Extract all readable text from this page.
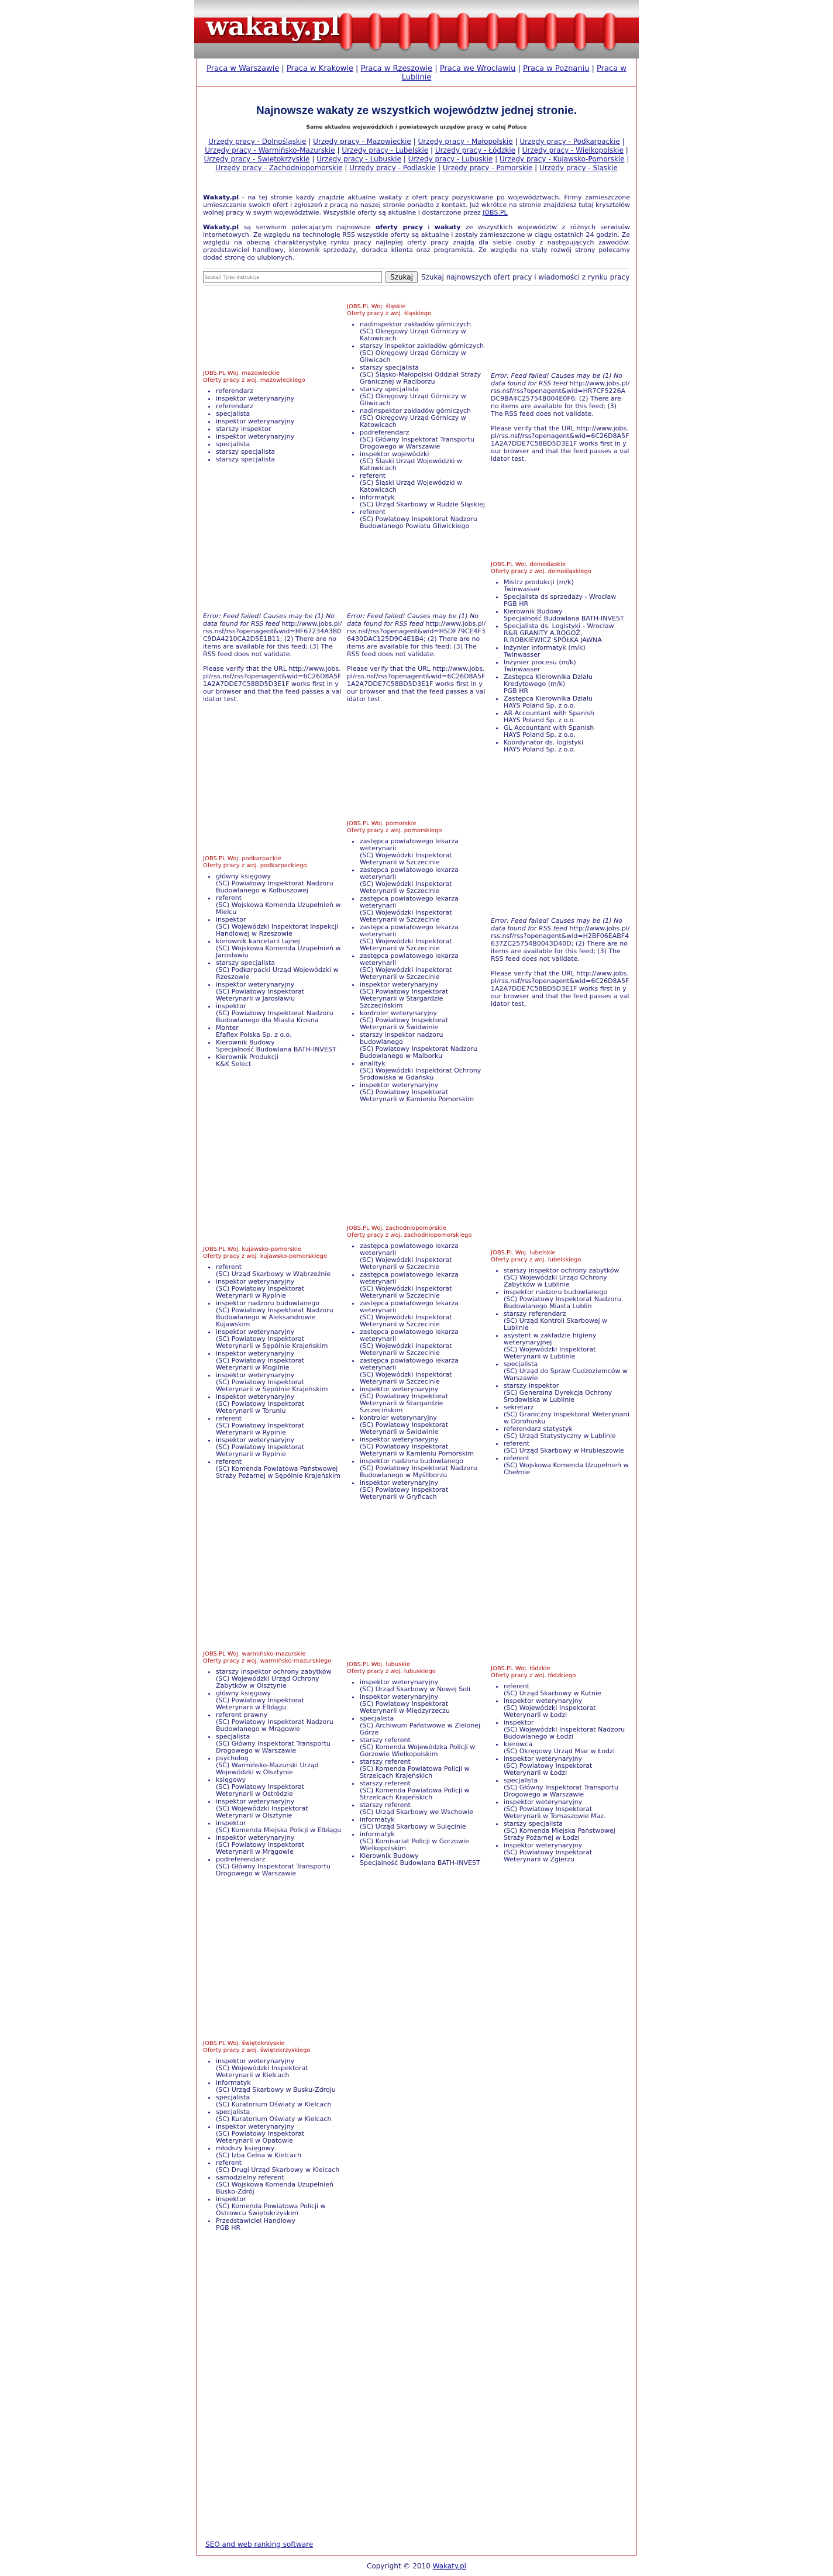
wakaty.pl
Praca w Warszawie | Praca w Krakowie | Praca w Rzeszowie | Praca we Wrocławiu | Praca w Poznaniu | Praca w Lublinie
Najnowsze wakaty ze wszystkich województw jednej stronie.
Same aktualne wojewódzkich i powiatowych urzędów pracy w całej Polsce
Urzędy pracy - Dolnośląskie | Urzędy pracy - Mazowieckie | Urzędy pracy - Małopolskie | Urzędy pracy - Podkarpackie | Urzędy pracy - Warmińsko-Mazurskie | Urzędy pracy - Lubelskie | Urzędy pracy - Łódzkie | Urzędy pracy - Wielkopolskie | Urzędy pracy - Świętokrzyskie | Urzędy pracy - Lubuskie | Urzędy pracy - Lubuskie | Urzędy pracy - Kujawsko-Pomorskie | Urzędy pracy - Zachodniopomorskie | Urzędy pracy - Podlaskie | Urzędy pracy - Pomorskie | Urzędy pracy - Śląskie

Wakaty.pl - na tej stronie każdy znajdzie aktualne wakaty z ofert pracy pozyskiwane po województwach. Firmy zamieszczone umieszczanie swoich ofert i zgłoszeń z pracą na naszej stronie ponadto z kontakt. Już wkrótce na stronie znajdziesz tutaj kryształów wolnej pracy w swym województwie. Wszystkie oferty są aktualne i dostarczone przez JOBS.PL

Wakaty.pl są serwisem polecającym najnowsze oferty pracy i wakaty ze wszystkich województw z różnych serwisów internetowych. Ze względu na technologię RSS wszystkie oferty są aktualne i zostały zamieszczone w ciągu ostatnich 24 godzin. Ze względu na obecną charakterystykę rynku pracy najlepiej oferty pracy znajdą dla siebie osoby z następujących zawodów: przedstawiciel handlowy, kierownik sprzedaży, doradca klienta oraz programista. Ze względu na stały rozwój strony polecamy dodać stronę do ulubionych.

Szukaj! Tylko instrukcje
Szukaj	Szukaj najnowszych ofert pracy i wiadomości z rynku pracy
JOBS.PL Woj. mazowieckie
Oferty pracy z woj. mazowieckiego
• referendarz
• inspektor weterynaryjny
• referendarz
• specjalista
• inspektor weterynaryjny
• starszy inspektor
• inspektor weterynaryjny
• specjalista
• starszy specjalista
• starszy specjalista
JOBS.PL Woj. śląskie
Oferty pracy z woj. śląskiego
• nadinspektor zakładów górniczych
(SC) Okręgowy Urząd Górniczy w Katowicach
• starszy inspektor zakładów górniczych
(SC) Okręgowy Urząd Górniczy w Gliwicach
• starszy specjalista
(SC) Śląsko-Małopolski Oddział Straży Granicznej w Raciborzu
• starszy specjalista
(SC) Okręgowy Urząd Górniczy w Gliwicach
• nadinspektor zakładów górniczych
(SC) Okręgowy Urząd Górniczy w Katowicach
• podreferendarz
(SC) Główny Inspektorat Transportu Drogowego w Warszawie
• inspektor wojewódzki
(SC) Śląski Urząd Wojewódzki w Katowicach
• referent
(SC) Śląski Urząd Wojewódzki w Katowicach
• informatyk
(SC) Urząd Skarbowy w Rudzie Śląskiej
• referent
(SC) Powiatowy Inspektorat Nadzoru Budowlanego Powiatu Gliwickiego
Error: Feed failed! Causes may be (1) No data found for RSS feed http://www.jobs.pl/rss.nsf/rss?openagent&wid=HR7CF5226ADC9BA4C25754B004E0F6; (2) There are no items are available for this feed; (3) The RSS feed does not validate.
Please verify that the URL http://www.jobs.pl/rss.nsf/rss?openagent&wid=6C26D8A5F1A2A7DDE7C58BD5D3E1F works first in your browser and that the feed passes a validator test.
Error: Feed failed! Causes may be (1) No data found for RSS feed http://www.jobs.pl/rss.nsf/rss?openagent&wid=HF67234A3B0C9DA4210CA2D5E1B11; (2) There are no items are available for this feed; (3) The RSS feed does not validate.
Please verify that the URL http://www.jobs.pl/rss.nsf/rss?openagent&wid=6C26D8A5F1A2A7DDE7C58BD5D3E1F works first in your browser and that the feed passes a validator test.
Error: Feed failed! Causes may be (1) No data found for RSS feed http://www.jobs.pl/rss.nsf/rss?openagent&wid=HSDF79CE4F36430DAC125D9C4E1B4; (2) There are no items are available for this feed; (3) The RSS feed does not validate.
Please verify that the URL http://www.jobs.pl/rss.nsf/rss?openagent&wid=6C26D8A5F1A2A7DDE7C58BD5D3E1F works first in your browser and that the feed passes a validator test.
JOBS.PL Woj. dolnośląskie
Oferty pracy z woj. dolnośląskiego
• Mistrz produkcji (m/k)
Twinwasser
• Specjalista ds sprzedaży - Wrocław
PGB HR
• Kierownik Budowy
Specjalność Budowlana BATH-INVEST
• Specjalista ds. Logistyki - Wrocław
R&R GRANITY A.ROGOŻ, R.ROBKIEWICZ SPÓŁKA JAWNA
• Inżynier informatyk (m/k)
Twinwasser
• Inżynier procesu (m/k)
Twinwasser
• Zastępca Kierownika Działu Kredytowego (m/k)
PGB HR
• Zastępca Kierownika Działu
HAYS Poland Sp. z o.o.
• AR Accountant with Spanish
HAYS Poland Sp. z o.o.
• GL Accountant with Spanish
HAYS Poland Sp. z o.o.
• Koordynator ds. logistyki
HAYS Poland Sp. z o.o.
JOBS.PL Woj. podkarpackie
Oferty pracy z woj. podkarpackiego
• główny księgowy
(SC) Powiatowy Inspektorat Nadzoru Budowlanego w Kolbuszowej
• referent
(SC) Wojskowa Komenda Uzupełnień w Mielcu
• inspektor
(SC) Wojewódzki Inspektorat Inspekcji Handlowej w Rzeszowie
• kierownik kancelarii tajnej
(SC) Wojskowa Komenda Uzupełnień w Jarosławiu
• starszy specjalista
(SC) Podkarpacki Urząd Wojewódzki w Rzeszowie
• inspektor weterynaryjny
(SC) Powiatowy Inspektorat Weterynarii w Jarosławiu
• inspektor
(SC) Powiatowy Inspektorat Nadzoru Budowlanego dla Miasta Krosna
• Monter
Efaflex Polska Sp. z o.o.
• Kierownik Budowy
Specjalność Budowlana BATH-INVEST
• Kierownik Produkcji
K&K Select
JOBS.PL Woj. pomorskie
Oferty pracy z woj. pomorskiego
• zastępca powiatowego lekarza weterynarii
(SC) Wojewódzki Inspektorat Weterynarii w Szczecinie
• zastępca powiatowego lekarza weterynarii
(SC) Wojewódzki Inspektorat Weterynarii w Szczecinie
• zastępca powiatowego lekarza weterynarii
(SC) Wojewódzki Inspektorat Weterynarii w Szczecinie
• zastępca powiatowego lekarza weterynarii
(SC) Wojewódzki Inspektorat Weterynarii w Szczecinie
• zastępca powiatowego lekarza weterynarii
(SC) Wojewódzki Inspektorat Weterynarii w Szczecinie
• inspektor weterynaryjny
(SC) Powiatowy Inspektorat Weterynarii w Stargardzie Szczecińskim
• kontroler weterynaryjny
(SC) Powiatowy Inspektorat Weterynarii w Świdwinie
• starszy inspektor nadzoru budowlanego
(SC) Powiatowy Inspektorat Nadzoru Budowlanego w Malborku
• analityk
(SC) Wojewódzki Inspektorat Ochrony Środowiska w Gdańsku
• inspektor weterynaryjny
(SC) Powiatowy Inspektorat Weterynarii w Kamieniu Pomorskim
Error: Feed failed! Causes may be (1) No data found for RSS feed http://www.jobs.pl/rss.nsf/rss?openagent&wid=H2BF06EABF4637ZC25754B0043D40D; (2) There are no items are available for this feed; (3) The RSS feed does not validate.
Please verify that the URL http://www.jobs.pl/rss.nsf/rss?openagent&wid=6C26D8A5F1A2A7DDE7C58BD5D3E1F works first in your browser and that the feed passes a validator test.
JOBS.PL Woj. kujawsko-pomorskie
Oferty pracy z woj. kujawsko-pomorskiego
• referent
(SC) Urząd Skarbowy w Wąbrzeźnie
• inspektor weterynaryjny
(SC) Powiatowy Inspektorat Weterynarii w Rypinie
• inspektor nadzoru budowlanego
(SC) Powiatowy Inspektorat Nadzoru Budowlanego w Aleksandrowie Kujawskim
• inspektor weterynaryjny
(SC) Powiatowy Inspektorat Weterynarii w Sępólnie Krajeńskim
• inspektor weterynaryjny
(SC) Powiatowy Inspektorat Weterynarii w Mogilnie
• inspektor weterynaryjny
(SC) Powiatowy Inspektorat Weterynarii w Sępólnie Krajeńskim
• inspektor weterynaryjny
(SC) Powiatowy Inspektorat Weterynarii w Toruniu
• referent
(SC) Powiatowy Inspektorat Weterynarii w Rypinie
• inspektor weterynaryjny
(SC) Powiatowy Inspektorat Weterynarii w Rypinie
• referent
(SC) Komenda Powiatowa Państwowej Straży Pożarnej w Sępólnie Krajeńskim
JOBS.PL Woj. zachodniopomorskie
Oferty pracy z woj. zachodniopomorskiego
• zastępca powiatowego lekarza weterynarii
(SC) Wojewódzki Inspektorat Weterynarii w Szczecinie
• zastępca powiatowego lekarza weterynarii
(SC) Wojewódzki Inspektorat Weterynarii w Szczecinie
• zastępca powiatowego lekarza weterynarii
(SC) Wojewódzki Inspektorat Weterynarii w Szczecinie
• zastępca powiatowego lekarza weterynarii
(SC) Wojewódzki Inspektorat Weterynarii w Szczecinie
• zastępca powiatowego lekarza weterynarii
(SC) Wojewódzki Inspektorat Weterynarii w Szczecinie
• inspektor weterynaryjny
(SC) Powiatowy Inspektorat Weterynarii w Stargardzie Szczecińskim
• kontroler weterynaryjny
(SC) Powiatowy Inspektorat Weterynarii w Świdwinie
• inspektor weterynaryjny
(SC) Powiatowy Inspektorat Weterynarii w Kamieniu Pomorskim
• inspektor nadzoru budowlanego
(SC) Powiatowy Inspektorat Nadzoru Budowlanego w Myśliborzu
• inspektor weterynaryjny
(SC) Powiatowy Inspektorat Weterynarii w Gryficach
JOBS.PL Woj. lubelskie
Oferty pracy z woj. lubelskiego
• starszy inspektor ochrony zabytków
(SC) Wojewódzki Urząd Ochrony Zabytków w Lublinie
• inspektor nadzoru budowlanego
(SC) Powiatowy Inspektorat Nadzoru Budowlanego Miasta Lublin
• starszy referendarz
(SC) Urząd Kontroli Skarbowej w Lublinie
• asystent w zakładzie higieny weterynaryjnej
(SC) Wojewódzki Inspektorat Weterynarii w Lublinie
• specjalista
(SC) Urząd do Spraw Cudzoziemców w Warszawie
• starszy inspektor
(SC) Generalna Dyrekcja Ochrony Środowiska w Lublinie
• sekretarz
(SC) Graniczny Inspektorat Weterynarii w Dorohusku
• referendarz statystyk
(SC) Urząd Statystyczny w Lublinie
• referent
(SC) Urząd Skarbowy w Hrubieszowie
• referent
(SC) Wojskowa Komenda Uzupełnień w Chełmie
JOBS.PL Woj. warmińsko-mazurskie
Oferty pracy z woj. warmińsko-mazurskiego
• starszy inspektor ochrony zabytków
(SC) Wojewódzki Urząd Ochrony Zabytków w Olsztynie
• główny księgowy
(SC) Powiatowy Inspektorat Weterynarii w Elblągu
• referent prawny
(SC) Powiatowy Inspektorat Nadzoru Budowlanego w Mrągowie
• specjalista
(SC) Główny Inspektorat Transportu Drogowego w Warszawie
• psycholog
(SC) Warmińsko-Mazurski Urząd Wojewódzki w Olsztynie
• księgowy
(SC) Powiatowy Inspektorat Weterynarii w Ostródzie
• inspektor weterynaryjny
(SC) Wojewódzki Inspektorat Weterynarii w Olsztynie
• inspektor
(SC) Komenda Miejska Policji w Elblągu
• inspektor weterynaryjny
(SC) Powiatowy Inspektorat Weterynarii w Mrągowie
• podreferendarz
(SC) Główny Inspektorat Transportu Drogowego w Warszawie
JOBS.PL Woj. lubuskie
Oferty pracy z woj. lubuskiego
• inspektor weterynaryjny
(SC) Urząd Skarbowy w Nowej Soli
• inspektor weterynaryjny
(SC) Powiatowy Inspektorat Weterynarii w Międzyrzeczu
• specjalista
(SC) Archiwum Państwowe w Zielonej Górze
• starszy referent
(SC) Komenda Wojewódzka Policji w Gorzowie Wielkopolskim
• starszy referent
(SC) Komenda Powiatowa Policji w Strzelcach Krajeńskich
• starszy referent
(SC) Komenda Powiatowa Policji w Strzelcach Krajeńskich
• starszy referent
(SC) Urząd Skarbowy we Wschowie
• informatyk
(SC) Urząd Skarbowy w Sulęcinie
• informatyk
(SC) Komisariat Policji w Gorzowie Wielkopolskim
• Kierownik Budowy
Specjalność Budowlana BATH-INVEST
JOBS.PL Woj. łódzkie
Oferty pracy z woj. łódzkiego
• referent
(SC) Urząd Skarbowy w Kutnie
• inspektor weterynaryjny
(SC) Wojewódzki Inspektorat Weterynarii w Łodzi
• inspektor
(SC) Wojewódzki Inspektorat Nadzoru Budowlanego w Łodzi
• kierowca
(SC) Okręgowy Urząd Miar w Łodzi
• inspektor weterynaryjny
(SC) Powiatowy Inspektorat Weterynarii w Łodzi
• specjalista
(SC) Główny Inspektorat Transportu Drogowego w Warszawie
• inspektor weterynaryjny
(SC) Powiatowy Inspektorat Weterynarii w Tomaszowie Maz.
• starszy specjalista
(SC) Komenda Miejska Państwowej Straży Pożarnej w Łodzi
• inspektor weterynaryjny
(SC) Powiatowy Inspektorat Weterynarii w Zgierzu
JOBS.PL Woj. świętokrzyskie
Oferty pracy z woj. świętokrzyskiego
• inspektor weterynaryjny
(SC) Wojewódzki Inspektorat Weterynarii w Kielcach
• informatyk
(SC) Urząd Skarbowy w Busku-Zdroju
• specjalista
(SC) Kuratorium Oświaty w Kielcach
• specjalista
(SC) Kuratorium Oświaty w Kielcach
• inspektor weterynaryjny
(SC) Powiatowy Inspektorat Weterynarii w Opatowie
• młodszy księgowy
(SC) Izba Celna w Kielcach
• referent
(SC) Drugi Urząd Skarbowy w Kielcach
• samodzielny referent
(SC) Wojskowa Komenda Uzupełnień Busko-Zdrój
• inspektor
(SC) Komenda Powiatowa Policji w Ostrowcu Świętokrzyskim
• Przedstawiciel Handlowy
PGB HR
SEO and web ranking software
Copyright © 2010 Wakaty.pl
